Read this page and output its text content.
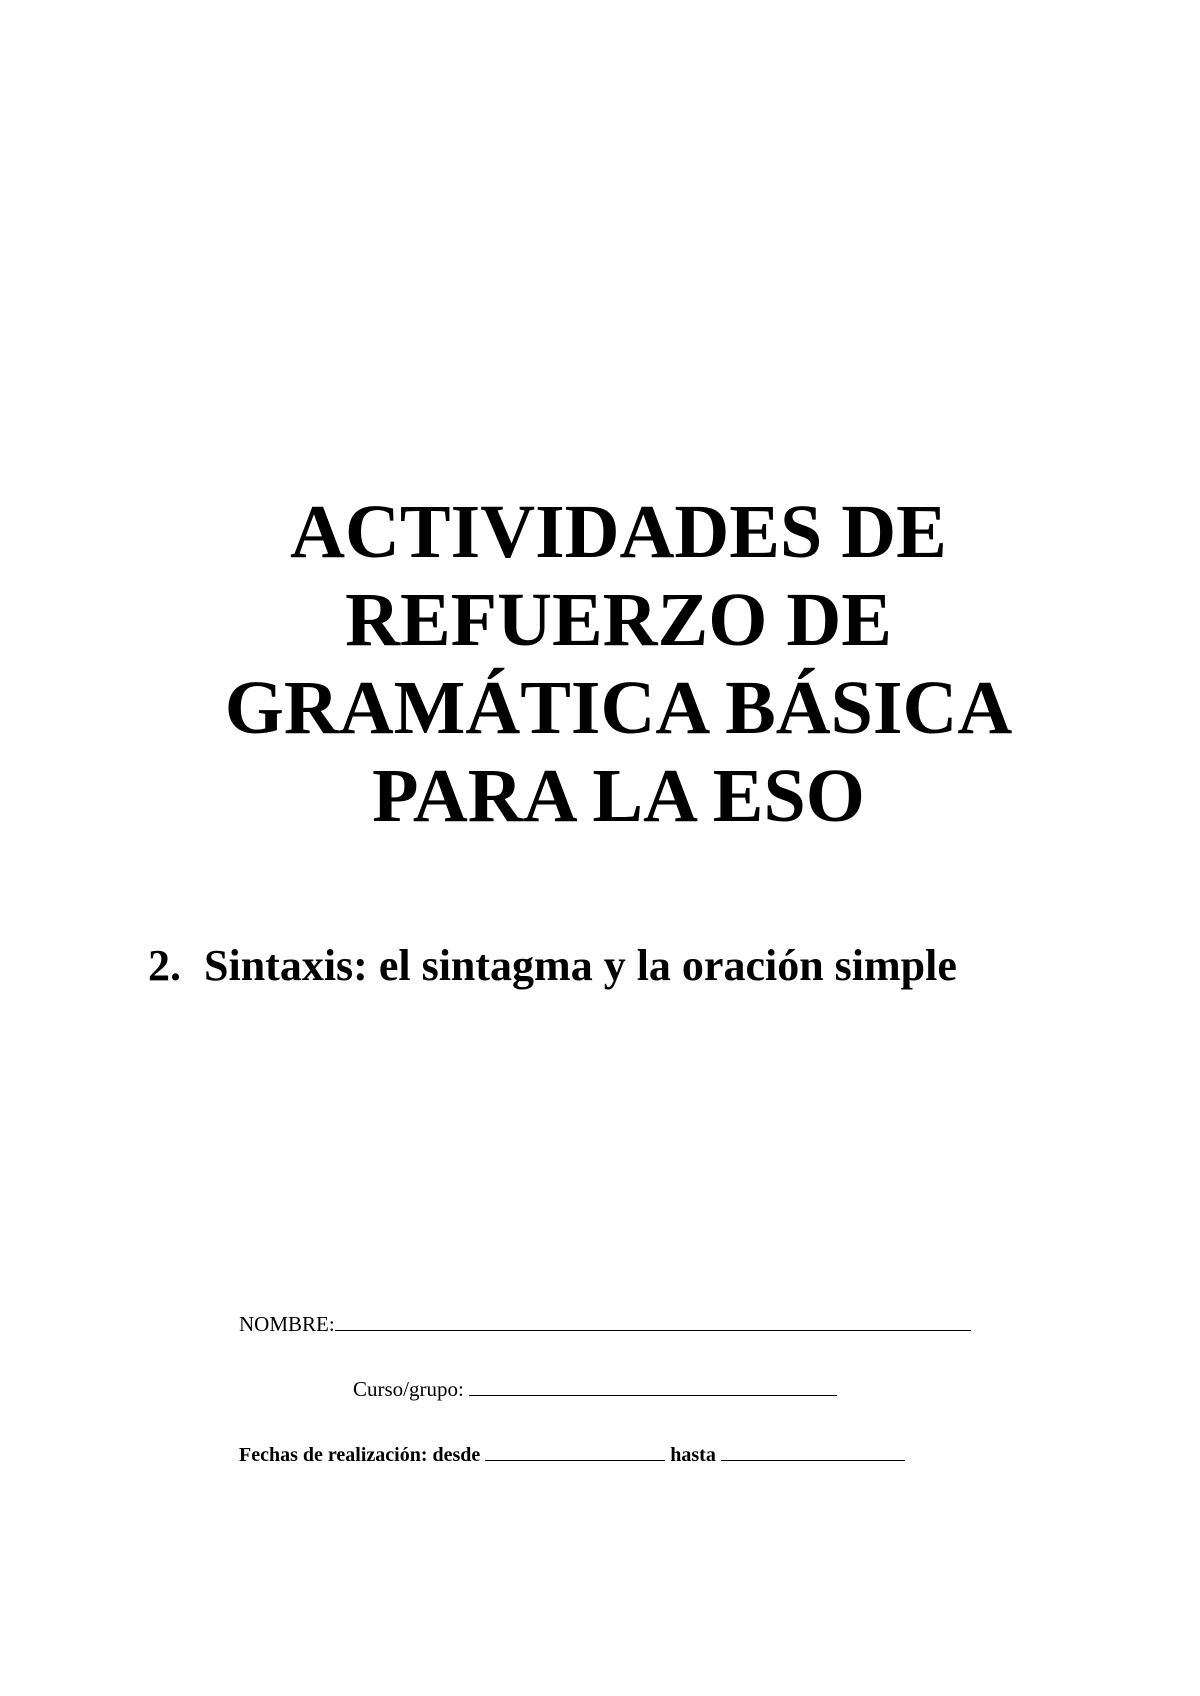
ACTIVIDADES DE
REFUERZO DE
GRAMÁTICA BÁSICA
PARA LA ESO
2. Sintaxis: el sintagma y la oración simple
NOMBRE:
Curso/grupo:
Fechas de realización: desde	hasta
